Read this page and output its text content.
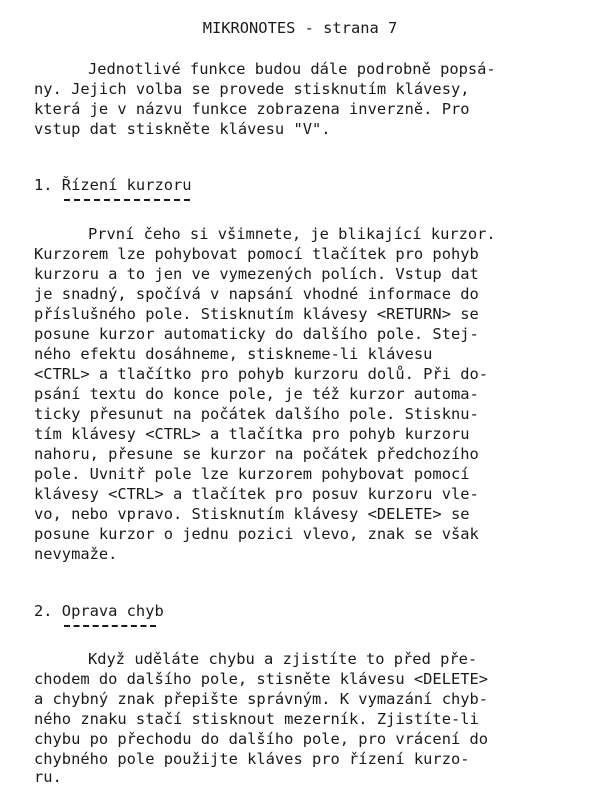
MIKRONOTES - strana 7
Jednotlivé funkce budou dále podrobně popsá-
ny. Jejich volba se provede stisknutím klávesy,
která je v názvu funkce zobrazena inverzně. Pro
vstup dat stiskněte klávesu "V".
1. Řízení kurzoru
První čeho si všimnete, je blikající kurzor.
Kurzorem lze pohybovat pomocí tlačítek pro pohyb
kurzoru a to jen ve vymezených polích. Vstup dat
je snadný, spočívá v napsání vhodné informace do
příslušného pole. Stisknutím klávesy <RETURN> se
posune kurzor automaticky do dalšího pole. Stej-
ného efektu dosáhneme, stiskneme-li klávesu
<CTRL> a tlačítko pro pohyb kurzoru dolů. Při do-
psání textu do konce pole, je též kurzor automa-
ticky přesunut na počátek dalšího pole. Stisknu-
tím klávesy <CTRL> a tlačítka pro pohyb kurzoru
nahoru, přesune se kurzor na počátek předchozího
pole. Uvnitř pole lze kurzorem pohybovat pomocí
klávesy <CTRL> a tlačítek pro posuv kurzoru vle-
vo, nebo vpravo. Stisknutím klávesy <DELETE> se
posune kurzor o jednu pozici vlevo, znak se však
nevymaže.
2. Oprava chyb
Když uděláte chybu a zjistíte to před pře-
chodem do dalšího pole, stisněte klávesu <DELETE>
a chybný znak přepište správným. K vymazání chyb-
ného znaku stačí stisknout mezerník. Zjistíte-li
chybu po přechodu do dalšího pole, pro vrácení do
chybného pole použijte kláves pro řízení kurzo-
ru.
